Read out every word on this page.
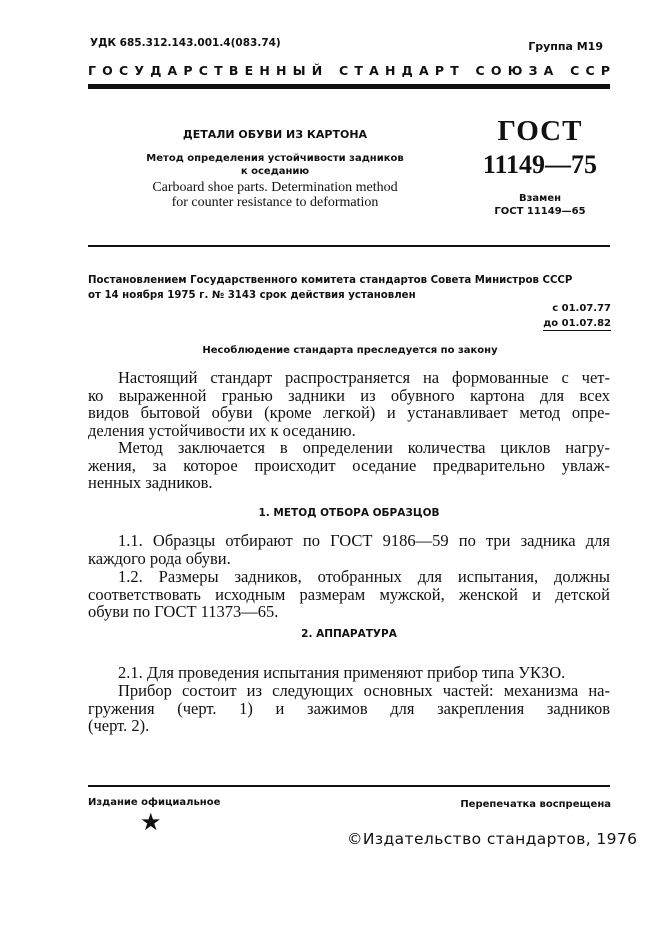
УДК 685.312.143.001.4(083.74)	Группа М19
ГОСУДАРСТВЕННЫЙ СТАНДАРТ СОЮЗА ССР
ДЕТАЛИ ОБУВИ ИЗ КАРТОНА
Метод определения устойчивости задников
к оседанию
Carboard shoe parts. Determination method
for counter resistance to deformation
ГОСТ
11149—75
Взамен
ГОСТ 11149—65
Постановлением Государственного комитета стандартов Совета Министров СССР
от 14 ноября 1975 г. № 3143 срок действия установлен
с 01.07.77
до 01.07.82
Несоблюдение стандарта преследуется по закону
Настоящий стандарт распространяется на формованные с чет-
ко выраженной гранью задники из обувного картона для всех
видов бытовой обуви (кроме легкой) и устанавливает метод опре-
деления устойчивости их к оседанию.
Метод заключается в определении количества циклов нагру-
жения, за которое происходит оседание предварительно увлаж-
ненных задников.
1. МЕТОД ОТБОРА ОБРАЗЦОВ
1.1. Образцы отбирают по ГОСТ 9186—59 по три задника для
каждого рода обуви.
1.2. Размеры задников, отобранных для испытания, должны
соответствовать исходным размерам мужской, женской и детской
обуви по ГОСТ 11373—65.
2. АППАРАТУРА
2.1. Для проведения испытания применяют прибор типа УКЗО.
Прибор состоит из следующих основных частей: механизма на-
гружения (черт. 1) и зажимов для закрепления задников
(черт. 2).
Издание официальное	Перепечатка воспрещена
★
©Издательство стандартов, 1976
